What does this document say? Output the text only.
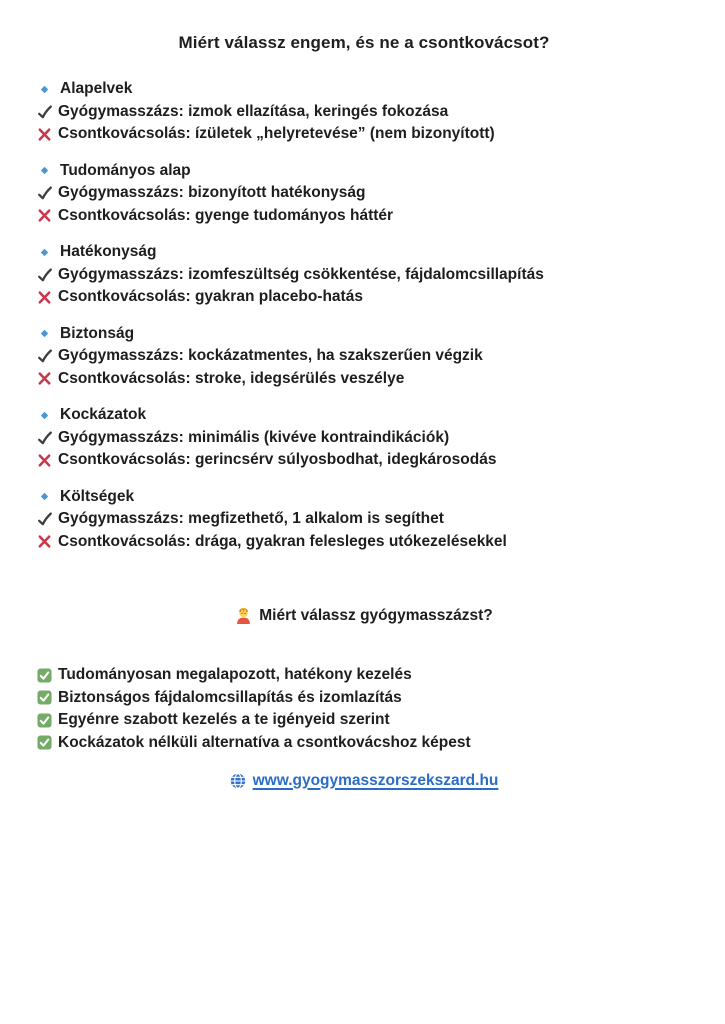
Miért válassz engem, és ne a csontkovácsot?
Alapelvek
Gyógymasszázs: izmok ellazítása, keringés fokozása
Csontkovácsolás: ízületek „helyretevése” (nem bizonyított)
Tudományos alap
Gyógymasszázs: bizonyított hatékonyság
Csontkovácsolás: gyenge tudományos háttér
Hatékonyság
Gyógymasszázs: izomfeszültség csökkentése, fájdalomcsillapítás
Csontkovácsolás: gyakran placebo-hatás
Biztonság
Gyógymasszázs: kockázatmentes, ha szakszerűen végzik
Csontkovácsolás: stroke, idegsérülés veszélye
Kockázatok
Gyógymasszázs: minimális (kivéve kontraindikációk)
Csontkovácsolás: gerincsérv súlyosbodhat, idegkárosodás
Költségek
Gyógymasszázs: megfizethető, 1 alkalom is segíthet
Csontkovácsolás: drága, gyakran felesleges utókezelésekkel
Miért válassz gyógymasszázst?
Tudományosan megalapozott, hatékony kezelés
Biztonságos fájdalomcsillapítás és izomlazítás
Egyénre szabott kezelés a te igényeid szerint
Kockázatok nélküli alternatíva a csontkovácshoz képest
www.gyogymasszorszekszard.hu
